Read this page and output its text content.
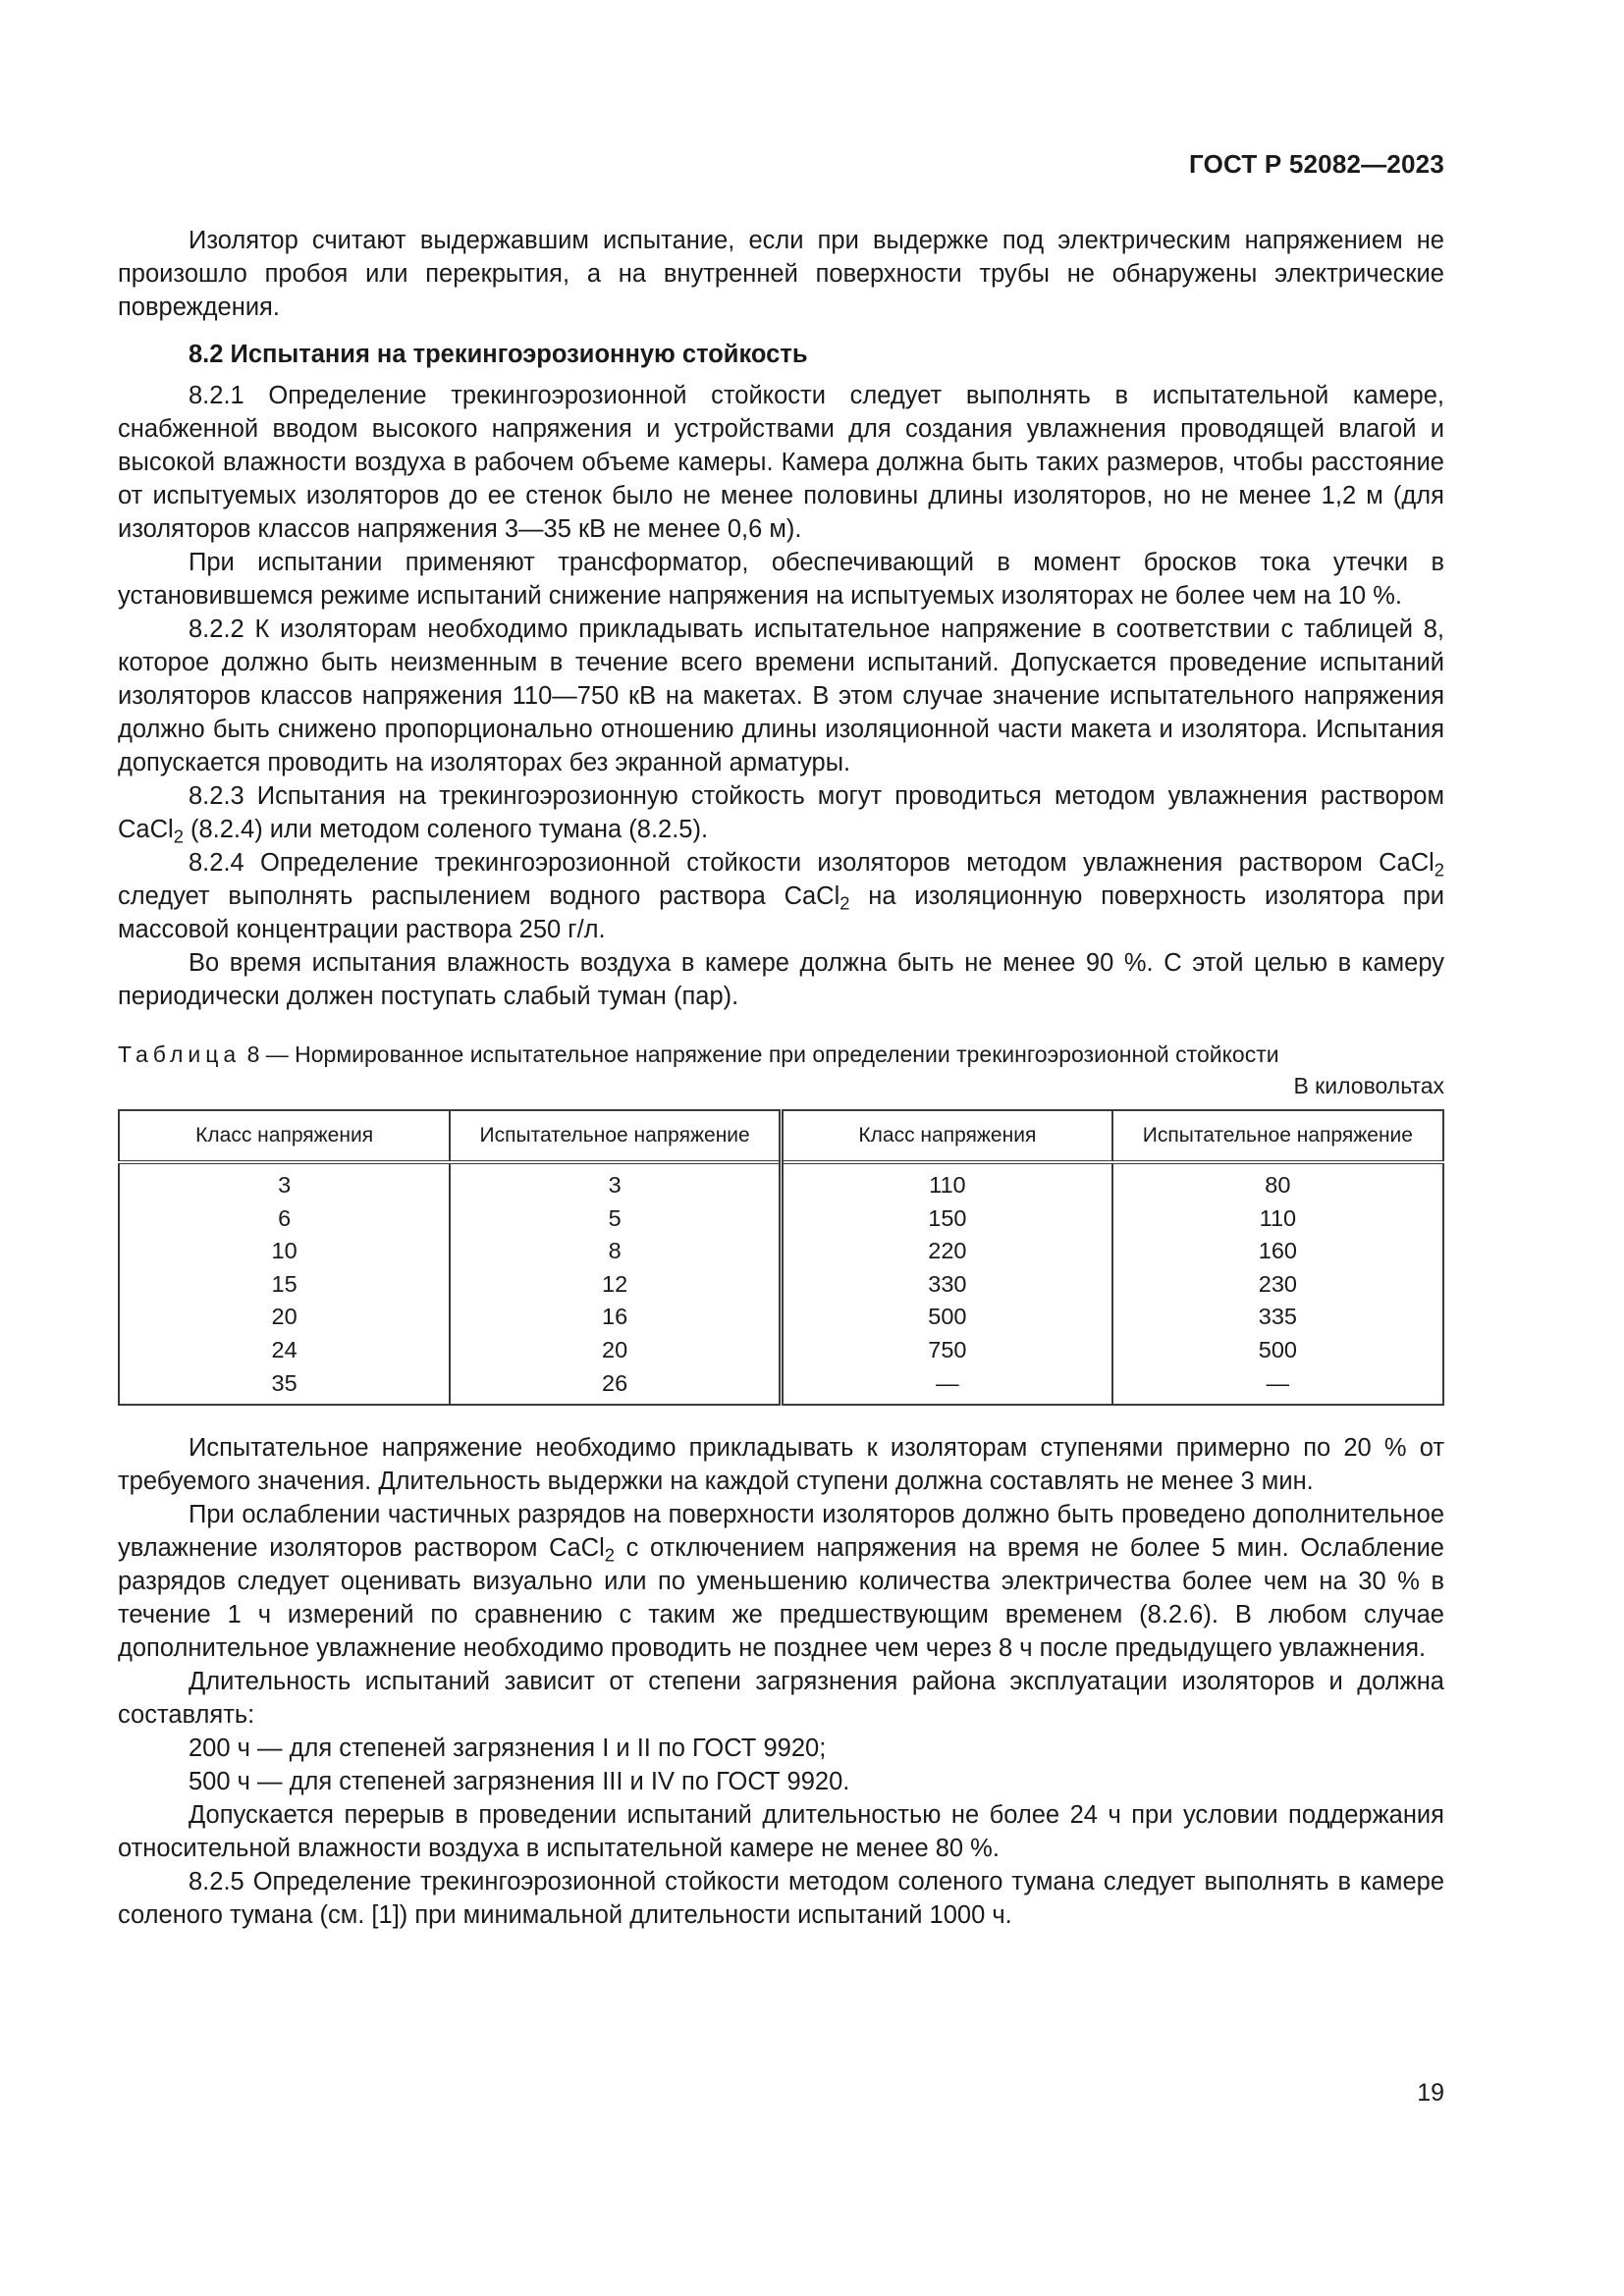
ГОСТ Р 52082—2023

Изолятор считают выдержавшим испытание, если при выдержке под электрическим напряжением не произошло пробоя или перекрытия, а на внутренней поверхности трубы не обнаружены электрические повреждения.

8.2 Испытания на трекингоэрозионную стойкость

8.2.1 Определение трекингоэрозионной стойкости следует выполнять в испытательной камере, снабженной вводом высокого напряжения и устройствами для создания увлажнения проводящей влагой и высокой влажности воздуха в рабочем объеме камеры. Камера должна быть таких размеров, чтобы расстояние от испытуемых изоляторов до ее стенок было не менее половины длины изоляторов, но не менее 1,2 м (для изоляторов классов напряжения 3—35 кВ не менее 0,6 м).

При испытании применяют трансформатор, обеспечивающий в момент бросков тока утечки в установившемся режиме испытаний снижение напряжения на испытуемых изоляторах не более чем на 10 %.

8.2.2 К изоляторам необходимо прикладывать испытательное напряжение в соответствии с таблицей 8, которое должно быть неизменным в течение всего времени испытаний. Допускается проведение испытаний изоляторов классов напряжения 110—750 кВ на макетах. В этом случае значение испытательного напряжения должно быть снижено пропорционально отношению длины изоляционной части макета и изолятора. Испытания допускается проводить на изоляторах без экранной арматуры.

8.2.3 Испытания на трекингоэрозионную стойкость могут проводиться методом увлажнения раствором CaCl$_2$ (8.2.4) или методом соленого тумана (8.2.5).

8.2.4 Определение трекингоэрозионной стойкости изоляторов методом увлажнения раствором CaCl$_2$ следует выполнять распылением водного раствора CaCl$_2$ на изоляционную поверхность изолятора при массовой концентрации раствора 250 г/л.

Во время испытания влажность воздуха в камере должна быть не менее 90 %. С этой целью в камеру периодически должен поступать слабый туман (пар).

Таблица 8 — Нормированное испытательное напряжение при определении трекингоэрозионной стойкости

В киловольтах

Класс напряжения	Испытательное напряжение	Класс напряжения	Испытательное напряжение
3	3	110	80
6	5	150	110
10	8	220	160
15	12	330	230
20	16	500	335
24	20	750	500
35	26	—	—

Испытательное напряжение необходимо прикладывать к изоляторам ступенями примерно по 20 % от требуемого значения. Длительность выдержки на каждой ступени должна составлять не менее 3 мин.

При ослаблении частичных разрядов на поверхности изоляторов должно быть проведено дополнительное увлажнение изоляторов раствором CaCl$_2$ с отключением напряжения на время не более 5 мин. Ослабление разрядов следует оценивать визуально или по уменьшению количества электричества более чем на 30 % в течение 1 ч измерений по сравнению с таким же предшествующим временем (8.2.6). В любом случае дополнительное увлажнение необходимо проводить не позднее чем через 8 ч после предыдущего увлажнения.

Длительность испытаний зависит от степени загрязнения района эксплуатации изоляторов и должна составлять:

200 ч — для степеней загрязнения I и II по ГОСТ 9920;

500 ч — для степеней загрязнения III и IV по ГОСТ 9920.

Допускается перерыв в проведении испытаний длительностью не более 24 ч при условии поддержания относительной влажности воздуха в испытательной камере не менее 80 %.

8.2.5 Определение трекингоэрозионной стойкости методом соленого тумана следует выполнять в камере соленого тумана (см. [1]) при минимальной длительности испытаний 1000 ч.

19
